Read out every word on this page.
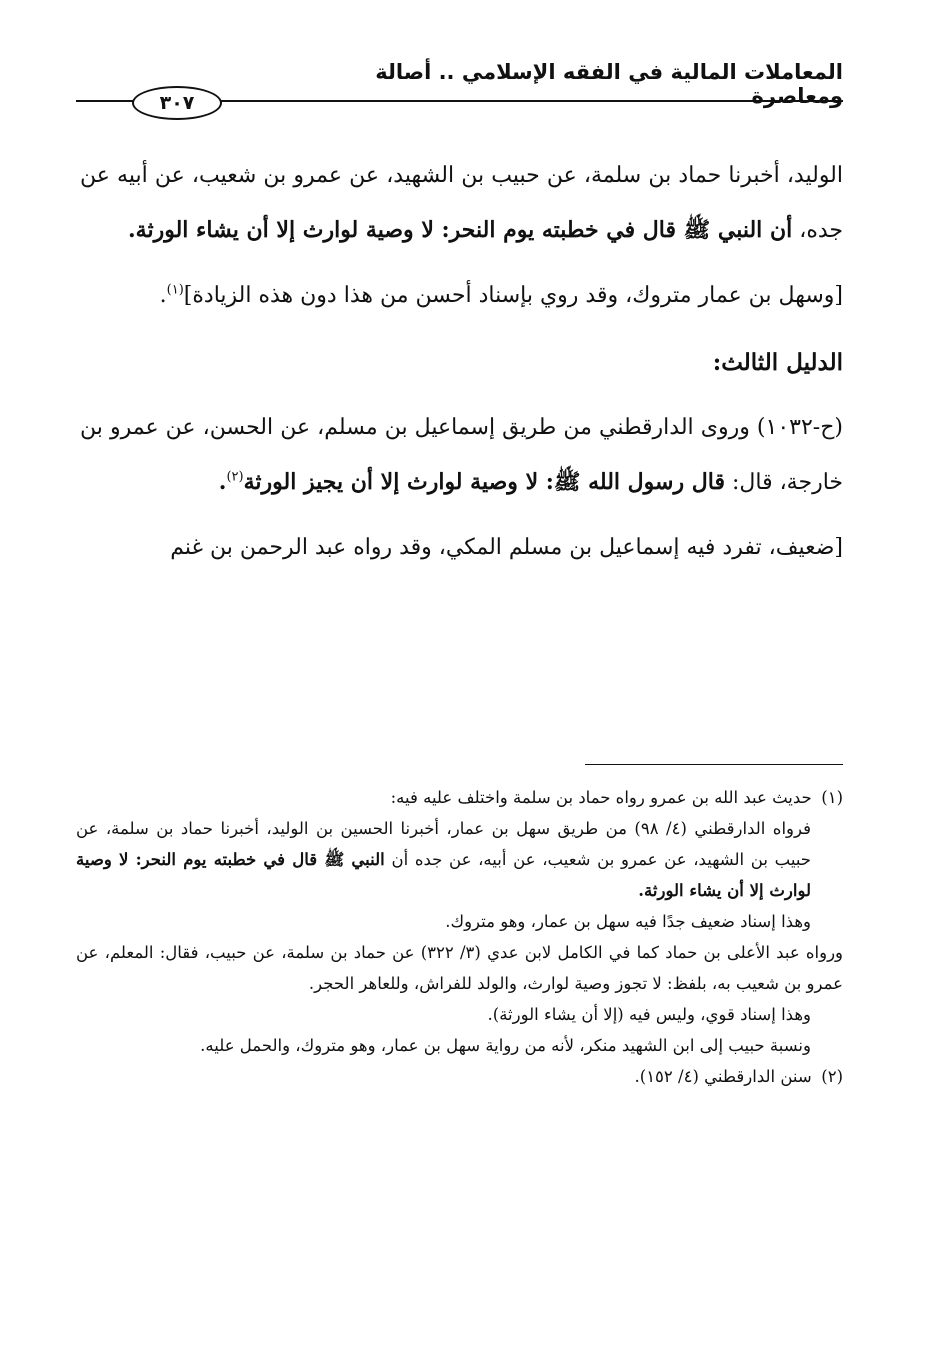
المعاملات المالية في الفقه الإسلامي .. أصالة ومعاصرة
٣٠٧

الوليد، أخبرنا حماد بن سلمة، عن حبيب بن الشهيد، عن عمرو بن شعيب، عن أبيه عن جده، أن النبي ﷺ قال في خطبته يوم النحر: لا وصية لوارث إلا أن يشاء الورثة.

[وسهل بن عمار متروك، وقد روي بإسناد أحسن من هذا دون هذه الزيادة]$^{(١)}$.

الدليل الثالث:

(ح-١٠٣٢) وروى الدارقطني من طريق إسماعيل بن مسلم، عن الحسن، عن عمرو بن خارجة، قال: قال رسول الله ﷺ: لا وصية لوارث إلا أن يجيز الورثة$^{(٢)}$.

[ضعيف، تفرد فيه إسماعيل بن مسلم المكي، وقد رواه عبد الرحمن بن غنم

(١) حديث عبد الله بن عمرو رواه حماد بن سلمة واختلف عليه فيه:

فرواه الدارقطني (٤/ ٩٨) من طريق سهل بن عمار، أخبرنا الحسين بن الوليد، أخبرنا حماد بن سلمة، عن حبيب بن الشهيد، عن عمرو بن شعيب، عن أبيه، عن جده أن النبي ﷺ قال في خطبته يوم النحر: لا وصية لوارث إلا أن يشاء الورثة.

وهذا إسناد ضعيف جدًا فيه سهل بن عمار، وهو متروك.

ورواه عبد الأعلى بن حماد كما في الكامل لابن عدي (٣/ ٣٢٢) عن حماد بن سلمة، عن حبيب، فقال: المعلم، عن عمرو بن شعيب به، بلفظ: لا تجوز وصية لوارث، والولد للفراش، وللعاهر الحجر.

وهذا إسناد قوي، وليس فيه (إلا أن يشاء الورثة).

ونسبة حبيب إلى ابن الشهيد منكر، لأنه من رواية سهل بن عمار، وهو متروك، والحمل عليه.

(٢) سنن الدارقطني (٤/ ١٥٢).
